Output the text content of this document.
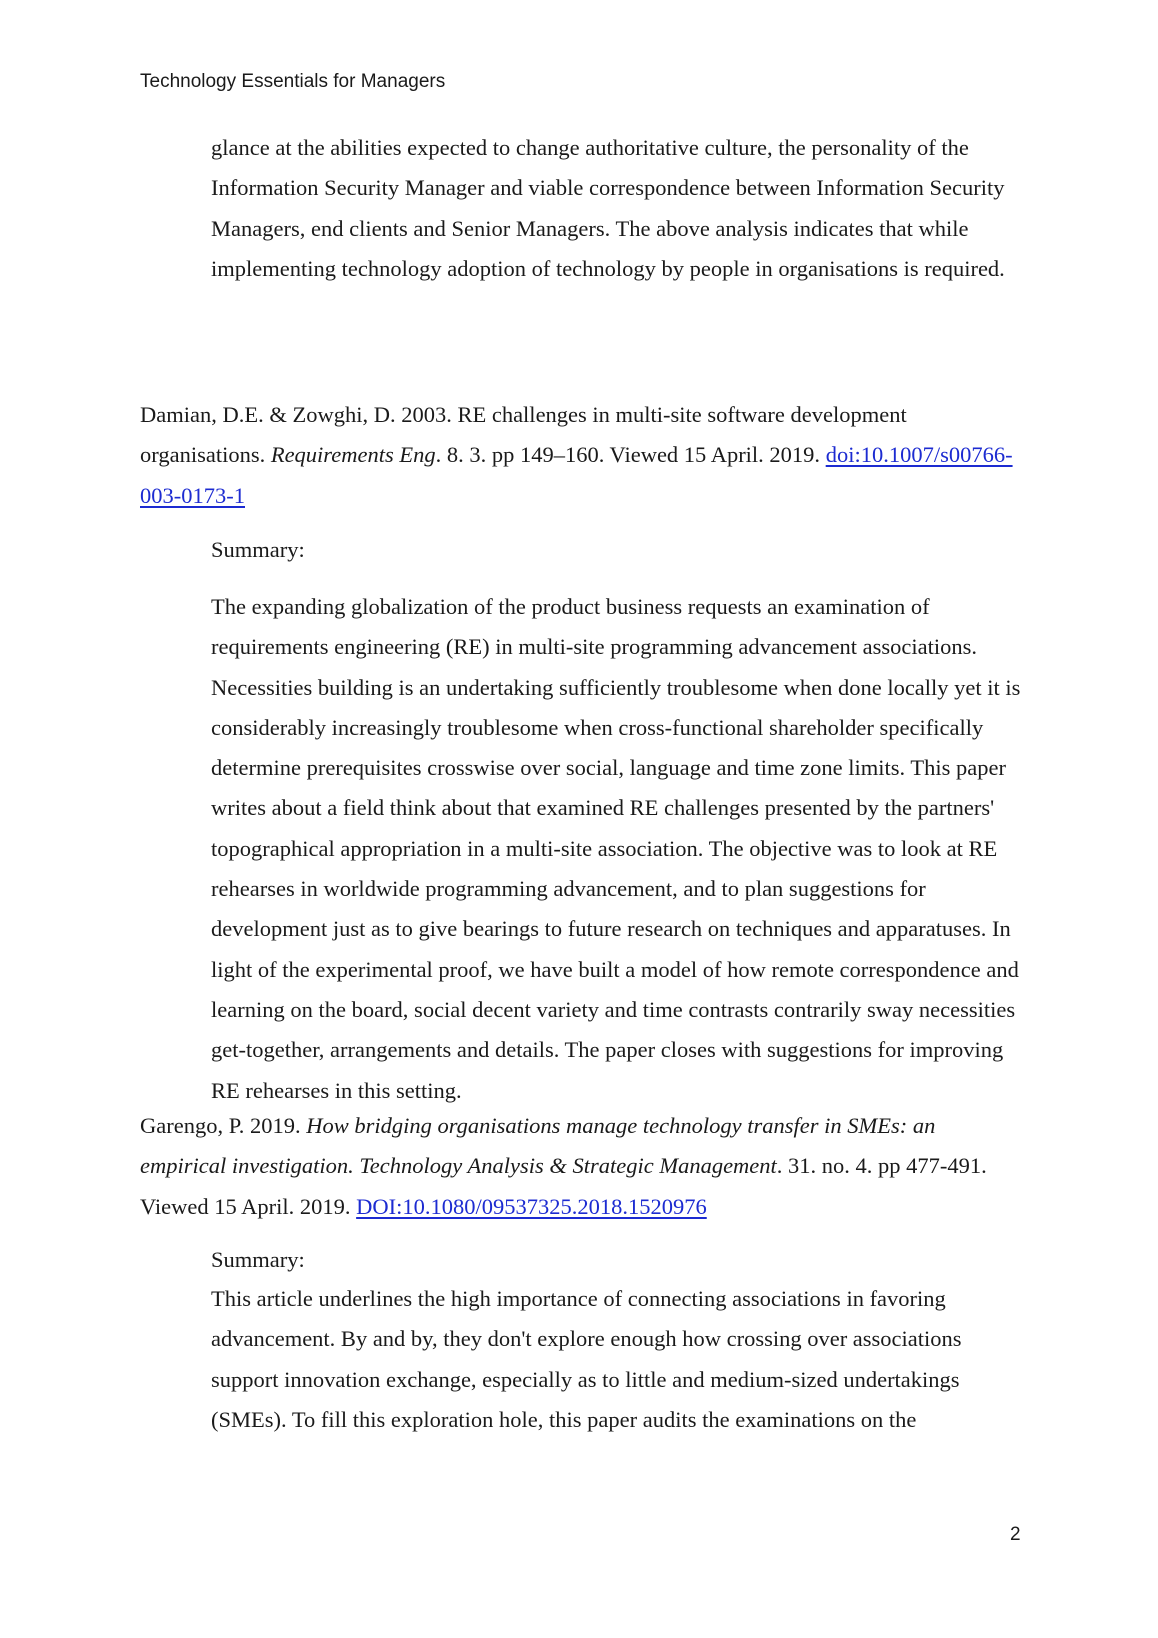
Technology Essentials for Managers

glance at the abilities expected to change authoritative culture, the personality of the Information Security Manager and viable correspondence between Information Security Managers, end clients and Senior Managers. The above analysis indicates that while implementing technology adoption of technology by people in organisations is required.

Damian, D.E. & Zowghi, D. 2003. RE challenges in multi-site software development organisations. Requirements Eng. 8. 3. pp 149–160. Viewed 15 April. 2019. doi:10.1007/s00766-003-0173-1

Summary:

The expanding globalization of the product business requests an examination of requirements engineering (RE) in multi-site programming advancement associations. Necessities building is an undertaking sufficiently troublesome when done locally yet it is considerably increasingly troublesome when cross-functional shareholder specifically determine prerequisites crosswise over social, language and time zone limits. This paper writes about a field think about that examined RE challenges presented by the partners' topographical appropriation in a multi-site association. The objective was to look at RE rehearses in worldwide programming advancement, and to plan suggestions for development just as to give bearings to future research on techniques and apparatuses. In light of the experimental proof, we have built a model of how remote correspondence and learning on the board, social decent variety and time contrasts contrarily sway necessities get-together, arrangements and details. The paper closes with suggestions for improving RE rehearses in this setting.

Garengo, P. 2019. How bridging organisations manage technology transfer in SMEs: an empirical investigation. Technology Analysis & Strategic Management. 31. no. 4. pp 477-491. Viewed 15 April. 2019. DOI:10.1080/09537325.2018.1520976

Summary:

This article underlines the high importance of connecting associations in favoring advancement. By and by, they don't explore enough how crossing over associations support innovation exchange, especially as to little and medium-sized undertakings (SMEs). To fill this exploration hole, this paper audits the examinations on the

2
